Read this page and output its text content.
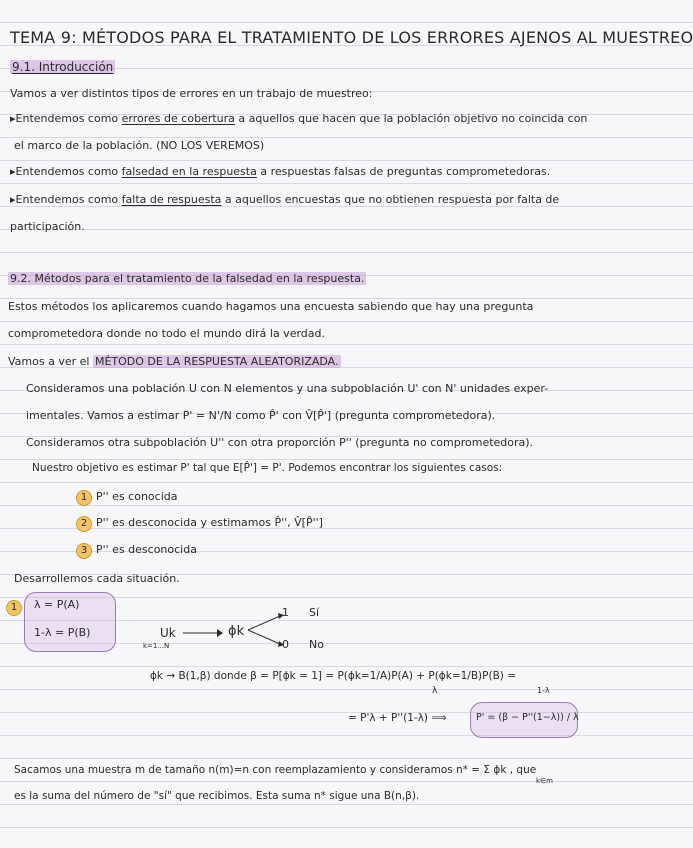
TEMA 9: MÉTODOS PARA EL TRATAMIENTO DE LOS ERRORES AJENOS AL MUESTREO
9.1. Introducción
Vamos a ver distintos tipos de errores en un trabajo de muestreo:
▸Entendemos como errores de cobertura a aquellos que hacen que la población objetivo no coincida con
el marco de la población. (NO LOS VEREMOS)
▸Entendemos como falsedad en la respuesta a respuestas falsas de preguntas comprometedoras.
▸Entendemos como falta de respuesta a aquellos encuestas que no obtienen respuesta por falta de
participación.
9.2. Métodos para el tratamiento de la falsedad en la respuesta.
Estos métodos los aplicaremos cuando hagamos una encuesta sabiendo que hay una pregunta
comprometedora donde no todo el mundo dirá la verdad.
Vamos a ver el MÉTODO DE LA RESPUESTA ALEATORIZADA.
Consideramos una población U con N elementos y una subpoblación U' con N' unidades exper-
imentales. Vamos a estimar P' = N'/N como P̂' con V̂[P̂'] (pregunta comprometedora).
Consideramos otra subpoblación U'' con otra proporción P'' (pregunta no comprometedora).
Nuestro objetivo es estimar P' tal que E[P̂'] = P'. Podemos encontrar los siguientes casos:
1 P'' es conocida
2 P'' es desconocida y estimamos P̂'', V̂[P̂'']
3 P'' es desconocida
Desarrollemos cada situación.
1	λ = P(A)
1-λ = P(B)	Uk
k=1...N
ϕk
1 Sí
0 No
ϕk → B(1,β) donde β = P[ϕk = 1] = P(ϕk=1/A)P(A) + P(ϕk=1/B)P(B) =
λ	1-λ
= P'λ + P''(1-λ) ⟹	P' = (β − P''(1−λ)) / λ
Sacamos una muestra m de tamaño n(m)=n con reemplazamiento y consideramos n* = Σ ϕk , que
k∈m
es la suma del número de "sí" que recibimos. Esta suma n* sigue una B(n,β).
